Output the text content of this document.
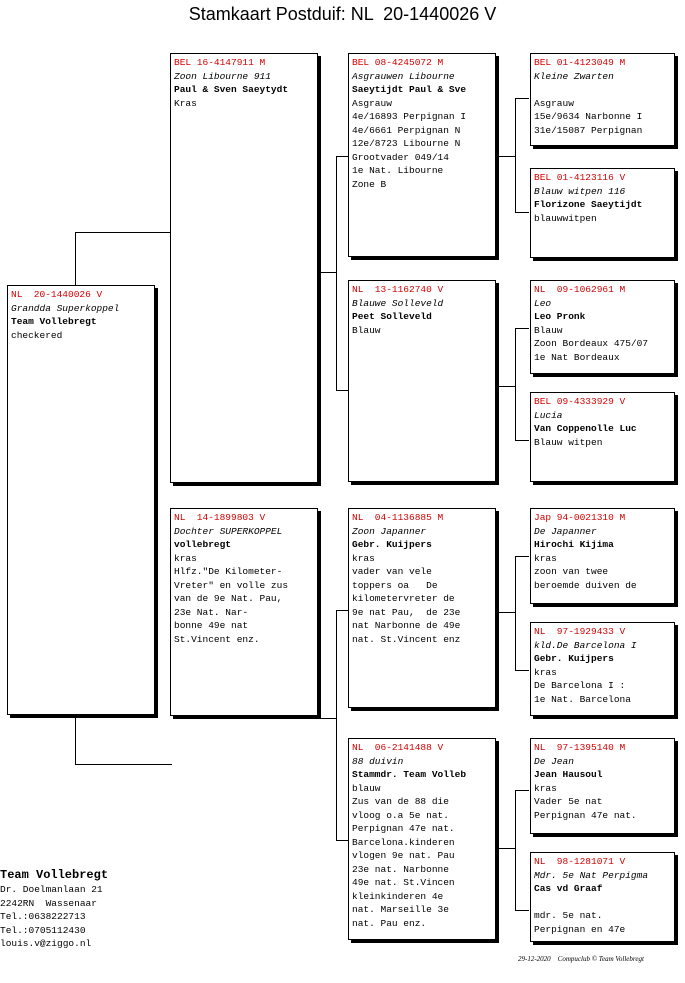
Stamkaart Postduif: NL  20-1440026 V
NL  20-1440026 V
Grandda Superkoppel
Team Vollebregt
checkered
BEL 16-4147911 M
Zoon Libourne 911
Paul & Sven Saeytydt
Kras
NL  14-1899803 V
Dochter SUPERKOPPEL
vollebregt
kras
Hlfz."De Kilometer-
Vreter" en volle zus
van de 9e Nat. Pau,
23e Nat. Nar-
bonne 49e nat
St.Vincent enz.
BEL 08-4245072 M
Asgrauwen Libourne
Saeytijdt Paul & Sve
Asgrauw
4e/16893 Perpignan I
4e/6661 Perpignan N
12e/8723 Libourne N
Grootvader 049/14
1e Nat. Libourne
Zone B
NL  13-1162740 V
Blauwe Solleveld
Peet Solleveld
Blauw
NL  04-1136885 M
Zoon Japanner
Gebr. Kuijpers
kras
vader van vele
toppers oa   De
kilometervreter de
9e nat Pau,  de 23e
nat Narbonne de 49e
nat. St.Vincent enz
NL  06-2141488 V
88 duivin
Stammdr. Team Volleb
blauw
Zus van de 88 die
vloog o.a 5e nat.
Perpignan 47e nat.
Barcelona.kinderen
vlogen 9e nat. Pau
23e nat. Narbonne
49e nat. St.Vincen
kleinkinderen 4e
nat. Marseille 3e
nat. Pau enz.
BEL 01-4123049 M
Kleine Zwarten

Asgrauw
15e/9634 Narbonne I
31e/15087 Perpignan
BEL 01-4123116 V
Blauw witpen 116
Florizone Saeytijdt
blauwwitpen
NL  09-1062961 M
Leo
Leo Pronk
Blauw
Zoon Bordeaux 475/07
1e Nat Bordeaux
BEL 09-4333929 V
Lucia
Van Coppenolle Luc
Blauw witpen
Jap 94-0021310 M
De Japanner
Hirochi Kijima
kras
zoon van twee
beroemde duiven de
NL  97-1929433 V
kld.De Barcelona I
Gebr. Kuijpers
kras
De Barcelona I :
1e Nat. Barcelona
NL  97-1395140 M
De Jean
Jean Hausoul
kras
Vader 5e nat
Perpignan 47e nat.
NL  98-1281071 V
Mdr. 5e Nat Perpigma
Cas vd Graaf

mdr. 5e nat.
Perpignan en 47e
Team Vollebregt
Dr. Doelmanlaan 21
2242RN  Wassenaar
Tel.:0638222713
Tel.:0705112430
louis.v@ziggo.nl
29-12-2020    Compuclub © Team Vollebregt
